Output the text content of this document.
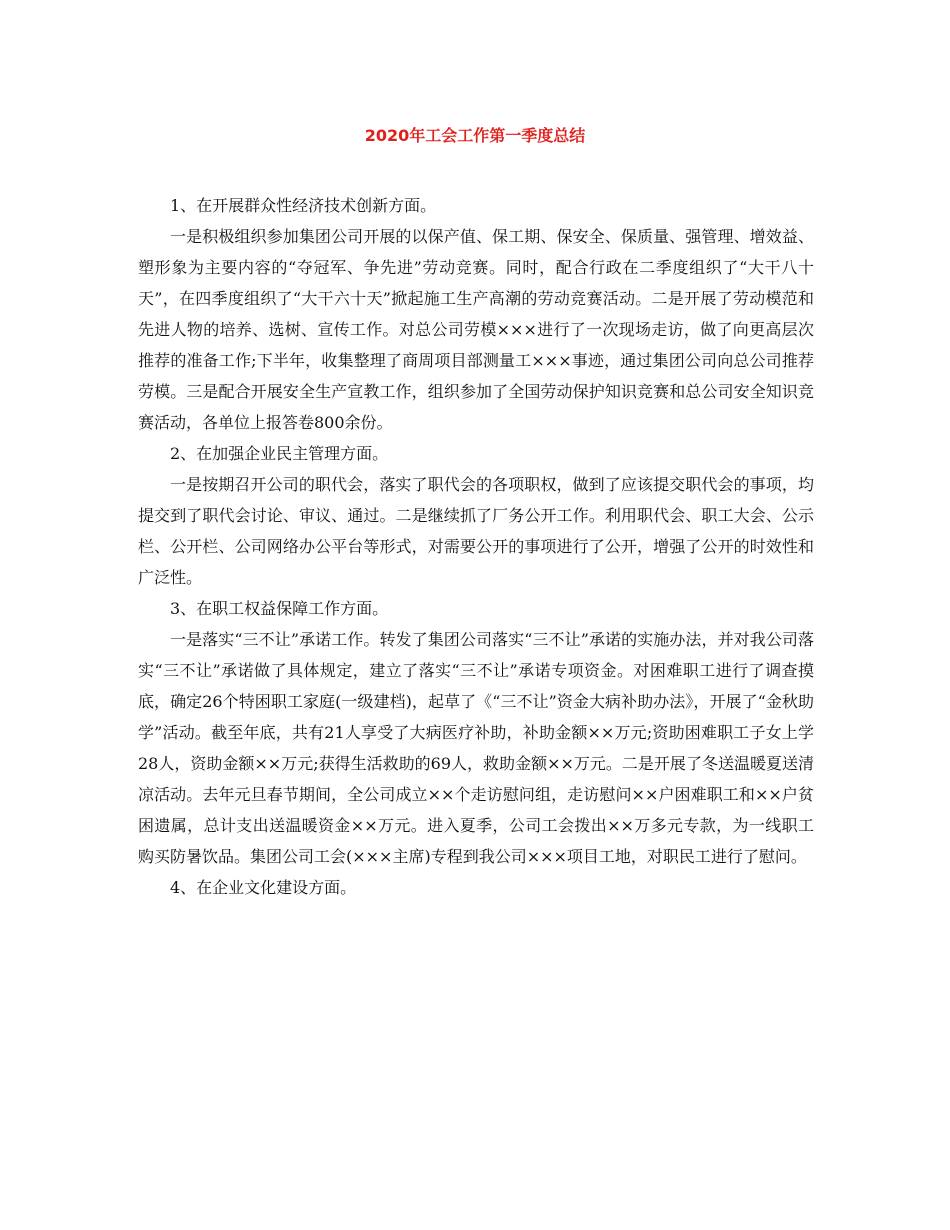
2020年工会工作第一季度总结

1、在开展群众性经济技术创新方面。

一是积极组织参加集团公司开展的以保产值、保工期、保安全、保质量、强管理、增效益、塑形象为主要内容的“夺冠军、争先进”劳动竞赛。同时，配合行政在二季度组织了“大干八十天”，在四季度组织了“大干六十天”掀起施工生产高潮的劳动竞赛活动。二是开展了劳动模范和先进人物的培养、选树、宣传工作。对总公司劳模×××进行了一次现场走访，做了向更高层次推荐的准备工作;下半年，收集整理了商周项目部测量工×××事迹，通过集团公司向总公司推荐劳模。三是配合开展安全生产宣教工作，组织参加了全国劳动保护知识竞赛和总公司安全知识竞赛活动，各单位上报答卷800余份。

2、在加强企业民主管理方面。

一是按期召开公司的职代会，落实了职代会的各项职权，做到了应该提交职代会的事项，均提交到了职代会讨论、审议、通过。二是继续抓了厂务公开工作。利用职代会、职工大会、公示栏、公开栏、公司网络办公平台等形式，对需要公开的事项进行了公开，增强了公开的时效性和广泛性。

3、在职工权益保障工作方面。

一是落实“三不让”承诺工作。转发了集团公司落实“三不让”承诺的实施办法，并对我公司落实“三不让”承诺做了具体规定，建立了落实“三不让”承诺专项资金。对困难职工进行了调查摸底，确定26个特困职工家庭(一级建档)，起草了《“三不让”资金大病补助办法》，开展了“金秋助学”活动。截至年底，共有21人享受了大病医疗补助，补助金额××万元;资助困难职工子女上学28人，资助金额××万元;获得生活救助的69人，救助金额××万元。二是开展了冬送温暖夏送清凉活动。去年元旦春节期间，全公司成立××个走访慰问组，走访慰问××户困难职工和××户贫困遗属，总计支出送温暖资金××万元。进入夏季，公司工会拨出××万多元专款，为一线职工购买防暑饮品。集团公司工会(×××主席)专程到我公司×××项目工地，对职民工进行了慰问。

4、在企业文化建设方面。
